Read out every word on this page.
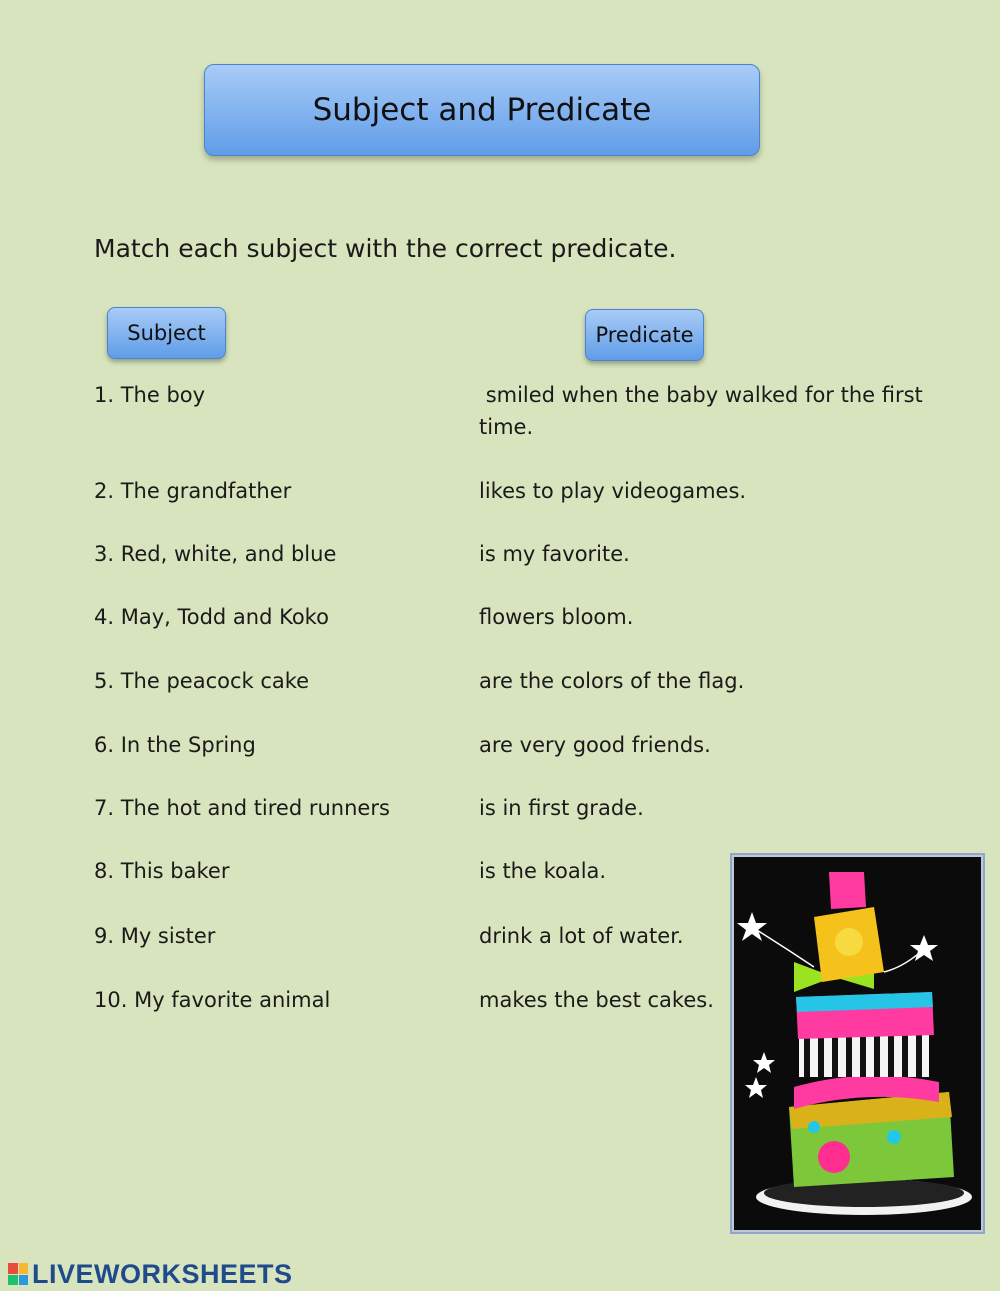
Subject and Predicate
Match each subject with the correct predicate.
Subject	Predicate

1. The boy

2. The grandfather

3. Red, white, and blue

4. May, Todd and Koko

5. The peacock cake

6. In the Spring

7. The hot and tired runners

8. This baker

9. My sister

10. My favorite animal

smiled when the baby walked for the first time.

likes to play videogames.

is my favorite.

flowers bloom.

are the colors of the flag.

are very good friends.

is in first grade.

is the koala.

drink a lot of water.

makes the best cakes.

LIVEWORKSHEETS
